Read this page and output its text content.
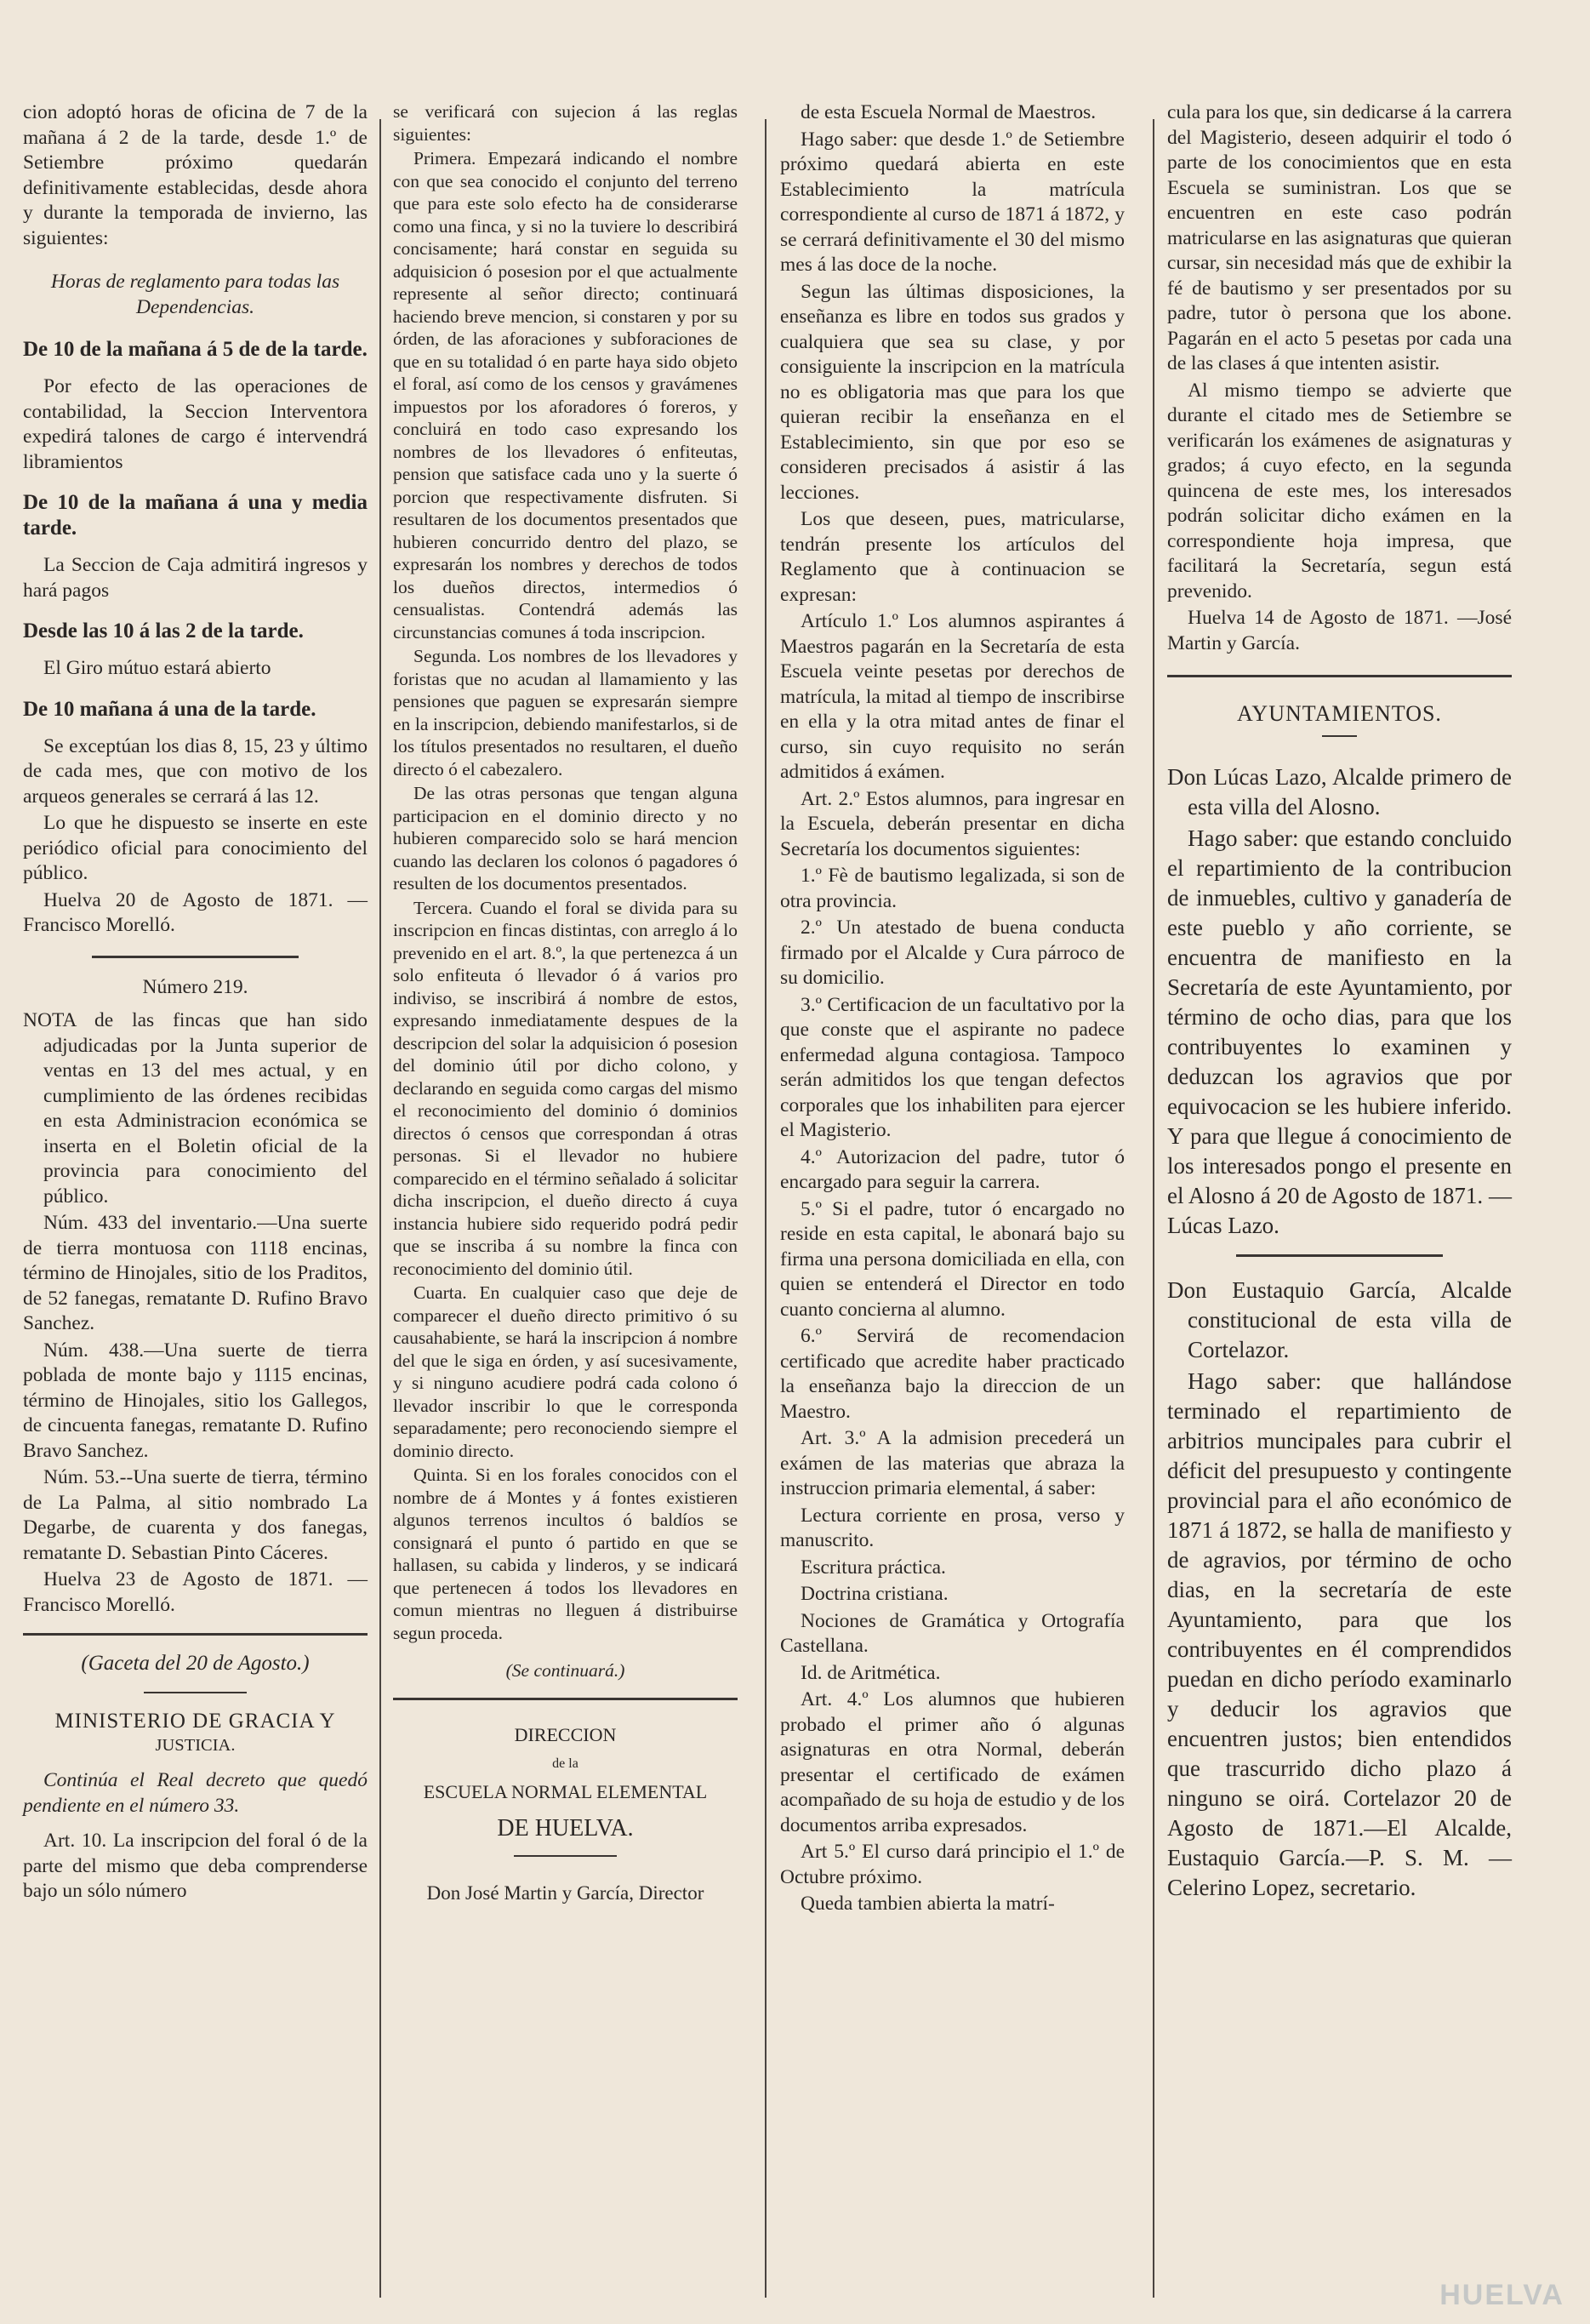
cion adoptó horas de oficina de 7 de la mañana á 2 de la tarde, desde 1.º de Setiembre próximo quedarán definitivamente establecidas, desde ahora y durante la temporada de invierno, las siguientes:

Horas de reglamento para todas las Dependencias.

De 10 de la mañana á 5 de de la tarde.

Por efecto de las operaciones de contabilidad, la Seccion Interventora expedirá talones de cargo é intervendrá libramientos

De 10 de la mañana á una y media tarde.

La Seccion de Caja admitirá ingresos y hará pagos

Desde las 10 á las 2 de la tarde.

El Giro mútuo estará abierto

De 10 mañana á una de la tarde.

Se exceptúan los dias 8, 15, 23 y último de cada mes, que con motivo de los arqueos generales se cerrará á las 12.

Lo que he dispuesto se inserte en este periódico oficial para conocimiento del público.

Huelva 20 de Agosto de 1871. —Francisco Morelló.

Número 219.

NOTA de las fincas que han sido adjudicadas por la Junta superior de ventas en 13 del mes actual, y en cumplimiento de las órdenes recibidas en esta Administracion económica se inserta en el Boletin oficial de la provincia para conocimiento del público.

Núm. 433 del inventario.—Una suerte de tierra montuosa con 1118 encinas, término de Hinojales, sitio de los Praditos, de 52 fanegas, rematante D. Rufino Bravo Sanchez.

Núm. 438.—Una suerte de tierra poblada de monte bajo y 1115 encinas, término de Hinojales, sitio los Gallegos, de cincuenta fanegas, rematante D. Rufino Bravo Sanchez.

Núm. 53.--Una suerte de tierra, término de La Palma, al sitio nombrado La Degarbe, de cuarenta y dos fanegas, rematante D. Sebastian Pinto Cáceres.

Huelva 23 de Agosto de 1871. —Francisco Morelló.

(Gaceta del 20 de Agosto.)

MINISTERIO DE GRACIA Y

JUSTICIA.

Continúa el Real decreto que quedó pendiente en el número 33.

Art. 10. La inscripcion del foral ó de la parte del mismo que deba comprenderse bajo un sólo número

se verificará con sujecion á las reglas siguientes:

Primera. Empezará indicando el nombre con que sea conocido el conjunto del terreno que para este solo efecto ha de considerarse como una finca, y si no la tuviere lo describirá concisamente; hará constar en seguida su adquisicion ó posesion por el que actualmente represente al señor directo; continuará haciendo breve mencion, si constaren y por su órden, de las aforaciones y subforaciones de que en su totalidad ó en parte haya sido objeto el foral, así como de los censos y gravámenes impuestos por los aforadores ó foreros, y concluirá en todo caso expresando los nombres de los llevadores ó enfiteutas, pension que satisface cada uno y la suerte ó porcion que respectivamente disfruten. Si resultaren de los documentos presentados que hubieren concurrido dentro del plazo, se expresarán los nombres y derechos de todos los dueños directos, intermedios ó censualistas. Contendrá además las circunstancias comunes á toda inscripcion.

Segunda. Los nombres de los llevadores y foristas que no acudan al llamamiento y las pensiones que paguen se expresarán siempre en la inscripcion, debiendo manifestarlos, si de los títulos presentados no resultaren, el dueño directo ó el cabezalero.

De las otras personas que tengan alguna participacion en el dominio directo y no hubieren comparecido solo se hará mencion cuando las declaren los colonos ó pagadores ó resulten de los documentos presentados.

Tercera. Cuando el foral se divida para su inscripcion en fincas distintas, con arreglo á lo prevenido en el art. 8.º, la que pertenezca á un solo enfiteuta ó llevador ó á varios pro indiviso, se inscribirá á nombre de estos, expresando inmediatamente despues de la descripcion del solar la adquisicion ó posesion del dominio útil por dicho colono, y declarando en seguida como cargas del mismo el reconocimiento del dominio ó dominios directos ó censos que correspondan á otras personas. Si el llevador no hubiere comparecido en el término señalado á solicitar dicha inscripcion, el dueño directo á cuya instancia hubiere sido requerido podrá pedir que se inscriba á su nombre la finca con reconocimiento del dominio útil.

Cuarta. En cualquier caso que deje de comparecer el dueño directo primitivo ó su causahabiente, se hará la inscripcion á nombre del que le siga en órden, y así sucesivamente, y si ninguno acudiere podrá cada colono ó llevador inscribir lo que le corresponda separadamente; pero reconociendo siempre el dominio directo.

Quinta. Si en los forales conocidos con el nombre de á Montes y á fontes existieren algunos terrenos incultos ó baldíos se consignará el punto ó partido en que se hallasen, su cabida y linderos, y se indicará que pertenecen á todos los llevadores en comun mientras no lleguen á distribuirse segun proceda.

(Se continuará.)

DIRECCION

de la

ESCUELA NORMAL ELEMENTAL

DE HUELVA.

Don José Martin y García, Director

de esta Escuela Normal de Maestros.

Hago saber: que desde 1.º de Setiembre próximo quedará abierta en este Establecimiento la matrícula correspondiente al curso de 1871 á 1872, y se cerrará definitivamente el 30 del mismo mes á las doce de la noche.

Segun las últimas disposiciones, la enseñanza es libre en todos sus grados y cualquiera que sea su clase, y por consiguiente la inscripcion en la matrícula no es obligatoria mas que para los que quieran recibir la enseñanza en el Establecimiento, sin que por eso se consideren precisados á asistir á las lecciones.

Los que deseen, pues, matricularse, tendrán presente los artículos del Reglamento que à continuacion se expresan:

Artículo 1.º Los alumnos aspirantes á Maestros pagarán en la Secretaría de esta Escuela veinte pesetas por derechos de matrícula, la mitad al tiempo de inscribirse en ella y la otra mitad antes de finar el curso, sin cuyo requisito no serán admitidos á exámen.

Art. 2.º Estos alumnos, para ingresar en la Escuela, deberán presentar en dicha Secretaría los documentos siguientes:

1.º Fè de bautismo legalizada, si son de otra provincia.

2.º Un atestado de buena conducta firmado por el Alcalde y Cura párroco de su domicilio.

3.º Certificacion de un facultativo por la que conste que el aspirante no padece enfermedad alguna contagiosa. Tampoco serán admitidos los que tengan defectos corporales que los inhabiliten para ejercer el Magisterio.

4.º Autorizacion del padre, tutor ó encargado para seguir la carrera.

5.º Si el padre, tutor ó encargado no reside en esta capital, le abonará bajo su firma una persona domiciliada en ella, con quien se entenderá el Director en todo cuanto concierna al alumno.

6.º Servirá de recomendacion certificado que acredite haber practicado la enseñanza bajo la direccion de un Maestro.

Art. 3.º A la admision precederá un exámen de las materias que abraza la instruccion primaria elemental, á saber:

Lectura corriente en prosa, verso y manuscrito.

Escritura práctica.

Doctrina cristiana.

Nociones de Gramática y Ortografía Castellana.

Id. de Aritmética.

Art. 4.º Los alumnos que hubieren probado el primer año ó algunas asignaturas en otra Normal, deberán presentar el certificado de exámen acompañado de su hoja de estudio y de los documentos arriba expresados.

Art 5.º El curso dará principio el 1.º de Octubre próximo.

Queda tambien abierta la matrí-

cula para los que, sin dedicarse á la carrera del Magisterio, deseen adquirir el todo ó parte de los conocimientos que en esta Escuela se suministran. Los que se encuentren en este caso podrán matricularse en las asignaturas que quieran cursar, sin necesidad más que de exhibir la fé de bautismo y ser presentados por su padre, tutor ò persona que los abone. Pagarán en el acto 5 pesetas por cada una de las clases á que intenten asistir.

Al mismo tiempo se advierte que durante el citado mes de Setiembre se verificarán los exámenes de asignaturas y grados; á cuyo efecto, en la segunda quincena de este mes, los interesados podrán solicitar dicho exámen en la correspondiente hoja impresa, que facilitará la Secretaría, segun está prevenido.

Huelva 14 de Agosto de 1871. —José Martin y García.

AYUNTAMIENTOS.

Don Lúcas Lazo, Alcalde primero de esta villa del Alosno.

Hago saber: que estando concluido el repartimiento de la contribucion de inmuebles, cultivo y ganadería de este pueblo y año corriente, se encuentra de manifiesto en la Secretaría de este Ayuntamiento, por término de ocho dias, para que los contribuyentes lo examinen y deduzcan los agravios que por equivocacion se les hubiere inferido. Y para que llegue á conocimiento de los interesados pongo el presente en el Alosno á 20 de Agosto de 1871. —Lúcas Lazo.

Don Eustaquio García, Alcalde constitucional de esta villa de Cortelazor.

Hago saber: que hallándose terminado el repartimiento de arbitrios muncipales para cubrir el déficit del presupuesto y contingente provincial para el año económico de 1871 á 1872, se halla de manifiesto y de agravios, por término de ocho dias, en la secretaría de este Ayuntamiento, para que los contribuyentes en él comprendidos puedan en dicho período examinarlo y deducir los agravios que encuentren justos; bien entendidos que trascurrido dicho plazo á ninguno se oirá. Cortelazor 20 de Agosto de 1871.—El Alcalde, Eustaquio García.—P. S. M. —Celerino Lopez, secretario.

HUELVA
